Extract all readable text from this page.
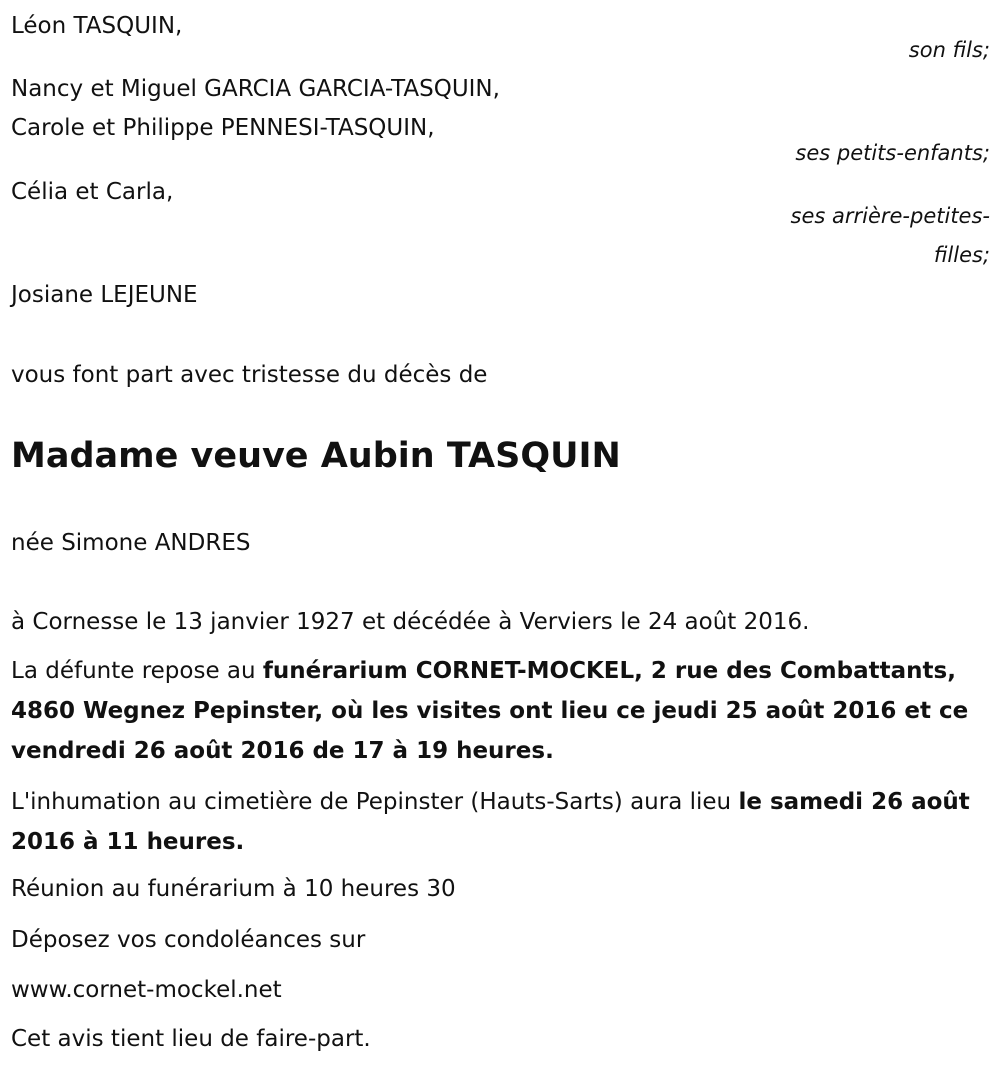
Léon TASQUIN,
son fils;
Nancy et Miguel GARCIA GARCIA-TASQUIN,
Carole et Philippe PENNESI-TASQUIN,
ses petits-enfants;
Célia et Carla,
ses arrière-petites-
filles;
Josiane LEJEUNE
vous font part avec tristesse du décès de
Madame veuve Aubin TASQUIN
née Simone ANDRES
à Cornesse le 13 janvier 1927 et décédée à Verviers le 24 août 2016.
La défunte repose au funérarium CORNET-MOCKEL, 2 rue des Combattants, 4860 Wegnez Pepinster, où les visites ont lieu ce jeudi 25 août 2016 et ce vendredi 26 août 2016 de 17 à 19 heures.
L'inhumation au cimetière de Pepinster (Hauts-Sarts) aura lieu le samedi 26 août 2016 à 11 heures.
Réunion au funérarium à 10 heures 30
Déposez vos condoléances sur
www.cornet-mockel.net
Cet avis tient lieu de faire-part.
